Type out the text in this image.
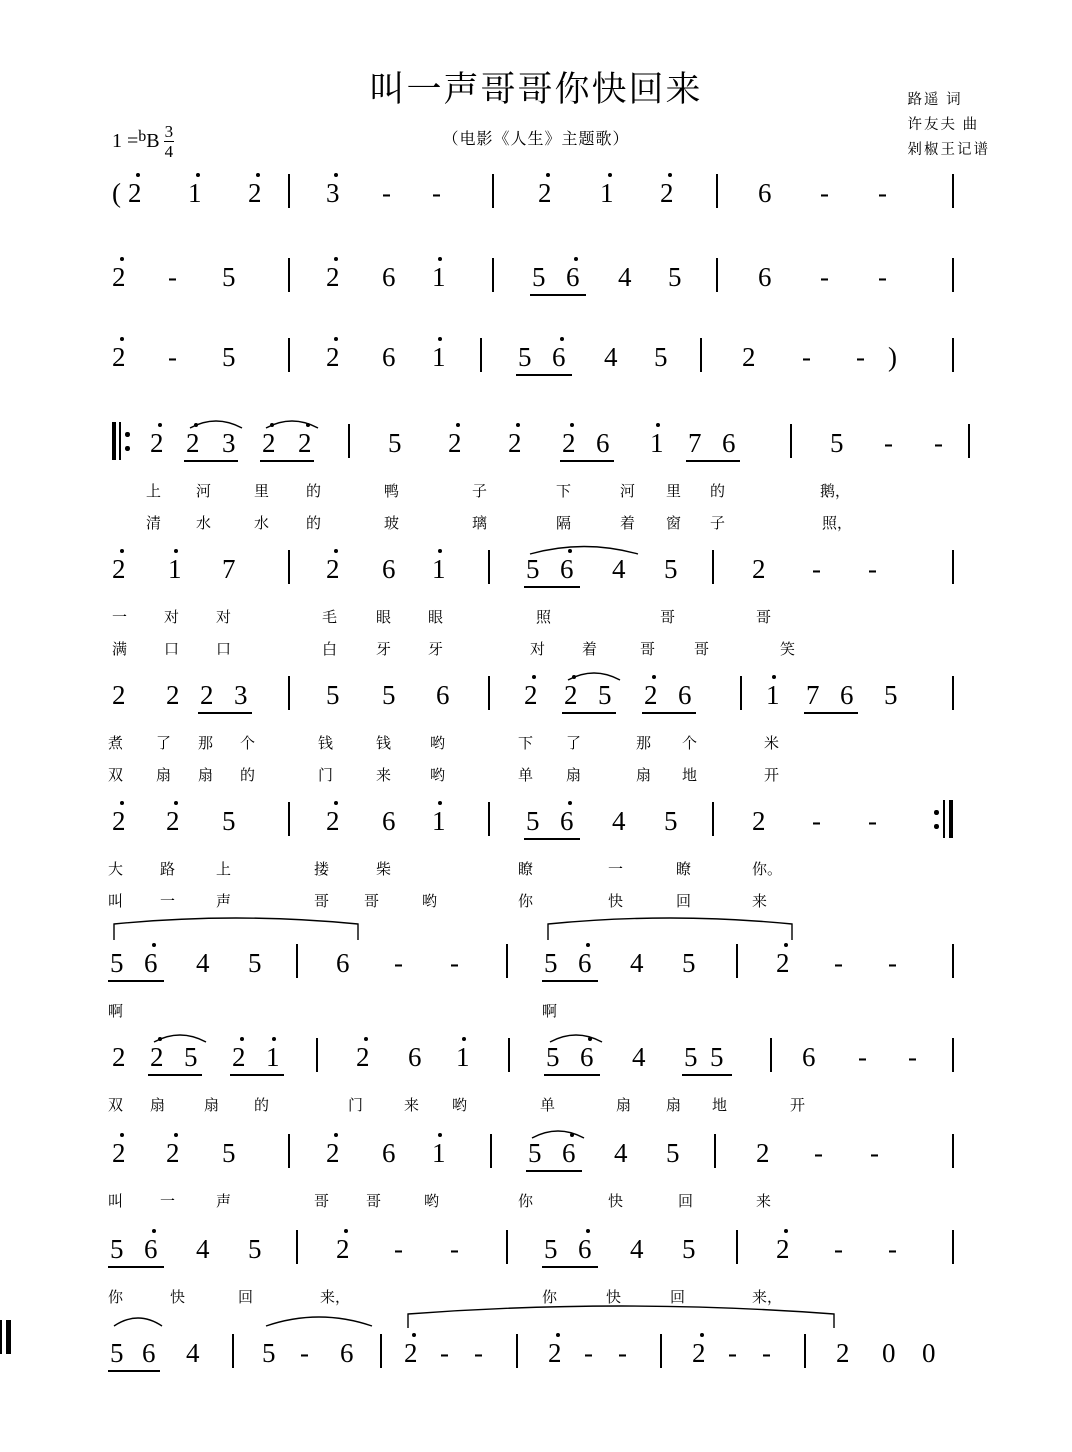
叫一声哥哥你快回来
（电影《人生》主题歌）
路遥 词
许友夫 曲
剁椒王记谱
1 = b B $\frac{3}{4}$
( 2 1 2 3 - -	2 1 2	6 - -
2 - 5	2 6 1	5 6 4 5	6 - -
2 - 5	2 6 1	5 6 4 5	2 - - )
2 2 3 2 2	5 2 2 2 6 1 7 6	5 - -
上 河	里 的	鸭	子	下	河 里 的	鹅，
清 水	水 的	玻	璃	隔	着 窗 子	照，
2 1 7	2 6 1	5 6 4 5	2 - -
一 对 对	毛	眼 眼	照	哥	哥
满 口 口	白	牙 牙	对 着	哥	哥	笑
2 2 2 3	5 5 6	2 2 5 2 6	1 7 6 5
煮 了 那 个	钱	钱	哟	下 了	那 个	米
双 扇 扇 的	门	来	哟	单 扇	扇 地	开
2 2 5	2 6 1	5 6 4 5	2 - -
大 路	上	搂	柴	瞭	一	瞭	你。
叫 一	声	哥 哥	哟	你	快	回	来
5 6 4 5	6 - -	5 6 4 5	2 - -
啊	啊
2 2 5 2 1	2 6 1	5 6 4 5 5	6 - -
双 扇	扇 的	门	来 哟	单	扇 扇 地	开
2 2 5	2 6 1	5 6 4 5	2 - -
叫 一	声	哥 哥	哟	你	快	回	来
5 6 4 5	2 - -	5 6 4 5	2 - -
你	快	回	来，	你	快	回	来，
5 6 4 5 - 6 2 - - 2 - - 2 - - 2 0 0
